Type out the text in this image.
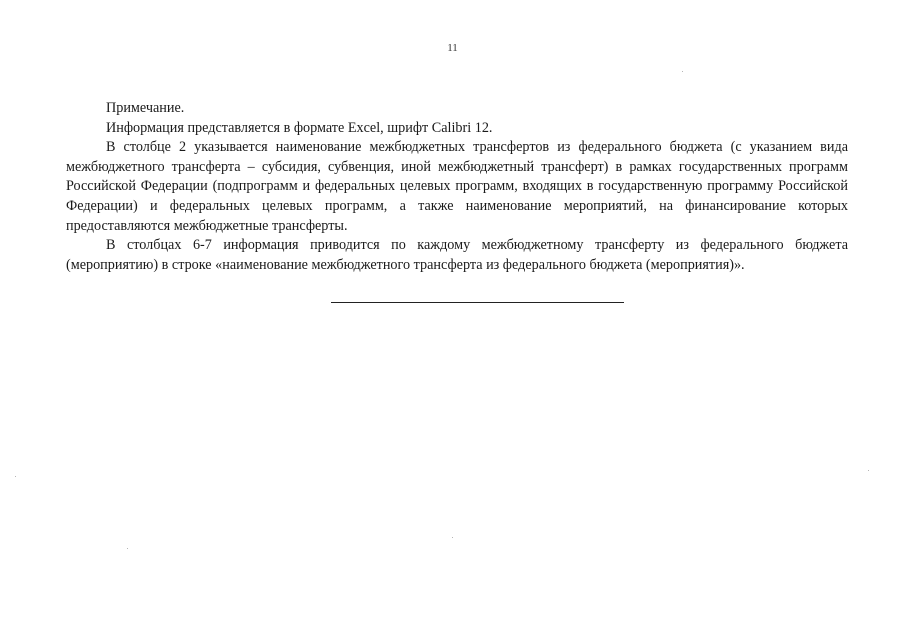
11

Примечание.

Информация представляется в формате Excel, шрифт Calibri 12.

В столбце 2 указывается наименование межбюджетных трансфертов из федерального бюджета (с указанием вида межбюджетного трансферта – субсидия, субвенция, иной межбюджетный трансферт) в рамках государственных программ Российской Федерации (подпрограмм и федеральных целевых программ, входящих в государственную программу Российской Федерации) и федеральных целевых программ, а также наименование мероприятий, на финансирование которых предоставляются межбюджетные трансферты.

В столбцах 6-7 информация приводится по каждому межбюджетному трансферту из федерального бюджета (мероприятию) в строке «наименование межбюджетного трансферта из федерального бюджета (мероприятия)».
